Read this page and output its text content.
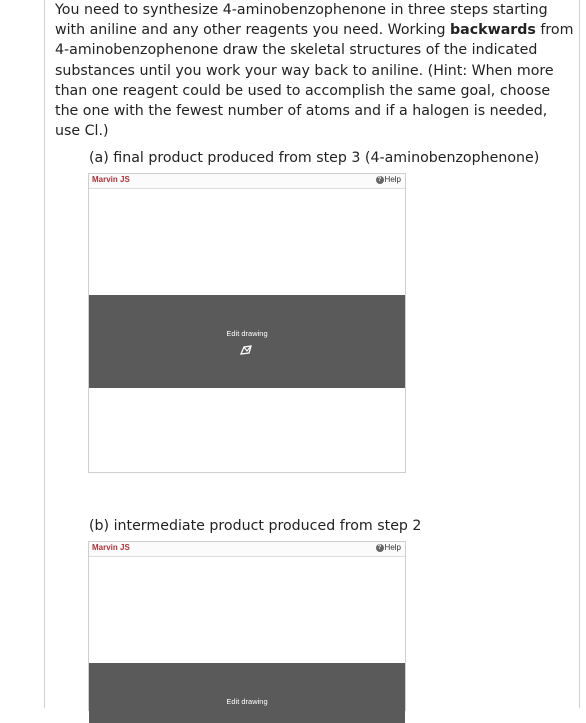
You need to synthesize 4-aminobenzophenone in three steps starting with aniline and any other reagents you need. Working backwards from 4-aminobenzophenone draw the skeletal structures of the indicated substances until you work your way back to aniline. (Hint: When more than one reagent could be used to accomplish the same goal, choose the one with the fewest number of atoms and if a halogen is needed, use Cl.)
(a) final product produced from step 3 (4-aminobenzophenone)
Marvin JS	? Help
Edit drawing
(b) intermediate product produced from step 2
Marvin JS	? Help
Edit drawing
